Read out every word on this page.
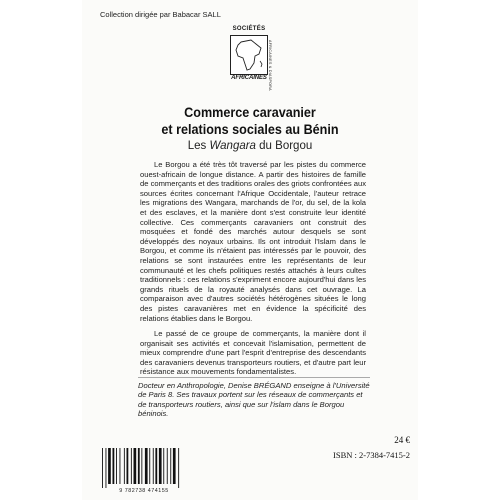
Collection dirigée par Babacar SALL
SOCIÉTÉS
AFRICAINES & DIASPORA
AFRICAINES
Commerce caravanier
et relations sociales au Bénin
Les Wangara du Borgou

Le Borgou a été très tôt traversé par les pistes du commerce ouest-africain de longue distance. A partir des histoires de famille de commerçants et des traditions orales des griots confrontées aux sources écrites concernant l'Afrique Occidentale, l'auteur retrace les migrations des Wangara, marchands de l'or, du sel, de la kola et des esclaves, et la manière dont s'est construite leur identité collective. Ces commerçants caravaniers ont construit des mosquées et fondé des marchés autour desquels se sont développés des noyaux urbains. Ils ont introduit l'Islam dans le Borgou, et comme ils n'étaient pas intéressés par le pouvoir, des relations se sont instaurées entre les représentants de leur communauté et les chefs politiques restés attachés à leurs cultes traditionnels : ces relations s'expriment encore aujourd'hui dans les grands rituels de la royauté analysés dans cet ouvrage. La comparaison avec d'autres sociétés hétérogènes situées le long des pistes caravanières met en évidence la spécificité des relations établies dans le Borgou.

Le passé de ce groupe de commerçants, la manière dont il organisait ses activités et concevait l'islamisation, permettent de mieux comprendre d'une part l'esprit d'entreprise des descendants des caravaniers devenus transporteurs routiers, et d'autre part leur résistance aux mouvements fondamentalistes.

Docteur en Anthropologie, Denise BRÉGAND enseigne à l'Université de Paris 8. Ses travaux portent sur les réseaux de commerçants et de transporteurs routiers, ainsi que sur l'islam dans le Borgou béninois.
9 782738 474155
24 €
ISBN : 2-7384-7415-2
